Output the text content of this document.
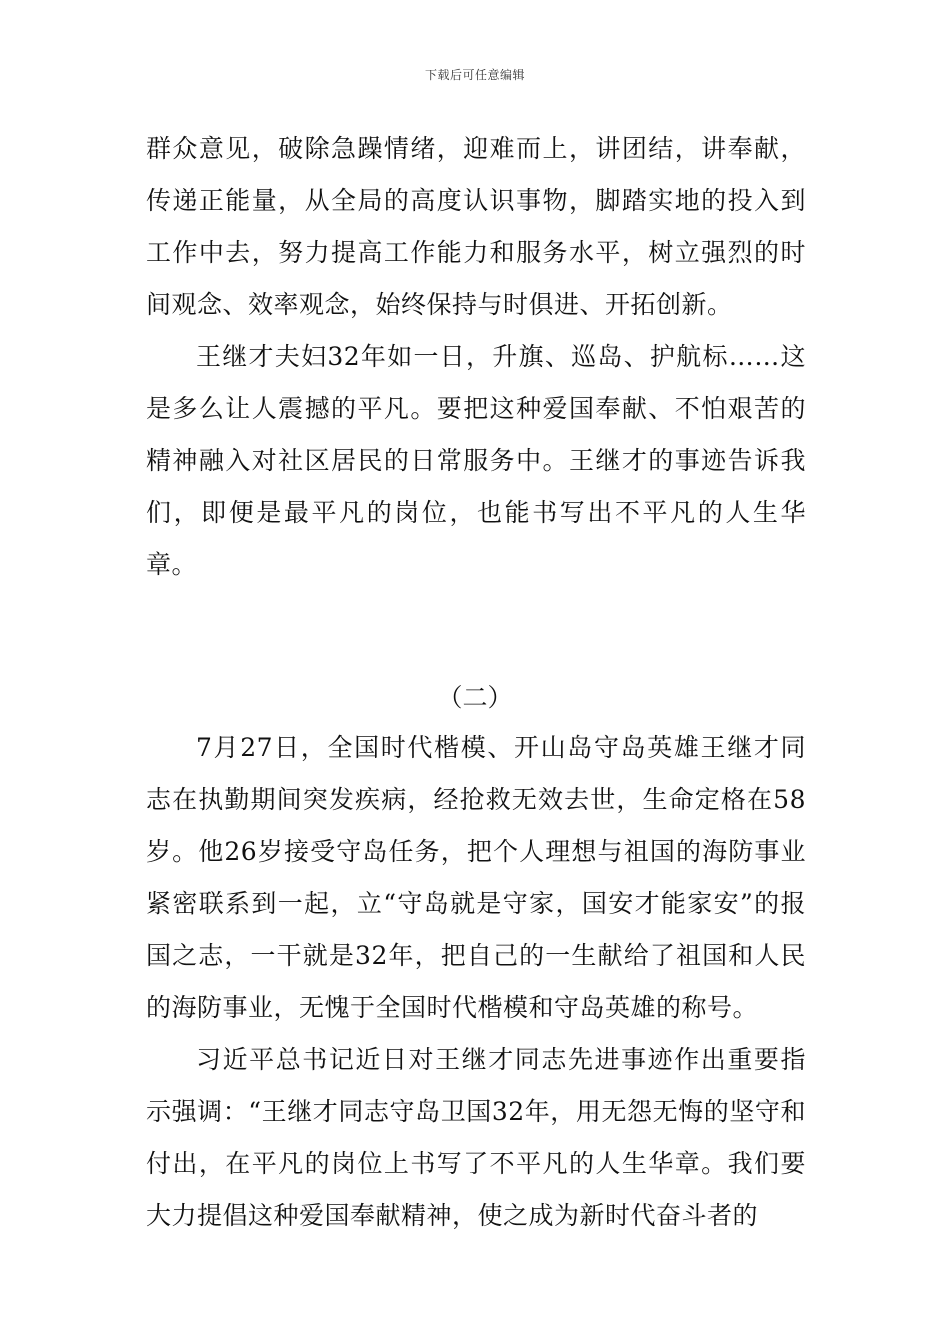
下载后可任意编辑

群众意见，破除急躁情绪，迎难而上，讲团结，讲奉献，传递正能量，从全局的高度认识事物，脚踏实地的投入到工作中去，努力提高工作能力和服务水平，树立强烈的时间观念、效率观念，始终保持与时俱进、开拓创新。

王继才夫妇32年如一日，升旗、巡岛、护航标……这是多么让人震撼的平凡。要把这种爱国奉献、不怕艰苦的精神融入对社区居民的日常服务中。王继才的事迹告诉我们，即便是最平凡的岗位，也能书写出不平凡的人生华章。

（二）

7月27日，全国时代楷模、开山岛守岛英雄王继才同志在执勤期间突发疾病，经抢救无效去世，生命定格在58岁。他26岁接受守岛任务，把个人理想与祖国的海防事业紧密联系到一起，立“守岛就是守家，国安才能家安”的报国之志，一干就是32年，把自己的一生献给了祖国和人民的海防事业，无愧于全国时代楷模和守岛英雄的称号。

习近平总书记近日对王继才同志先进事迹作出重要指示强调：“王继才同志守岛卫国32年，用无怨无悔的坚守和付出，在平凡的岗位上书写了不平凡的人生华章。我们要大力提倡这种爱国奉献精神，使之成为新时代奋斗者的
